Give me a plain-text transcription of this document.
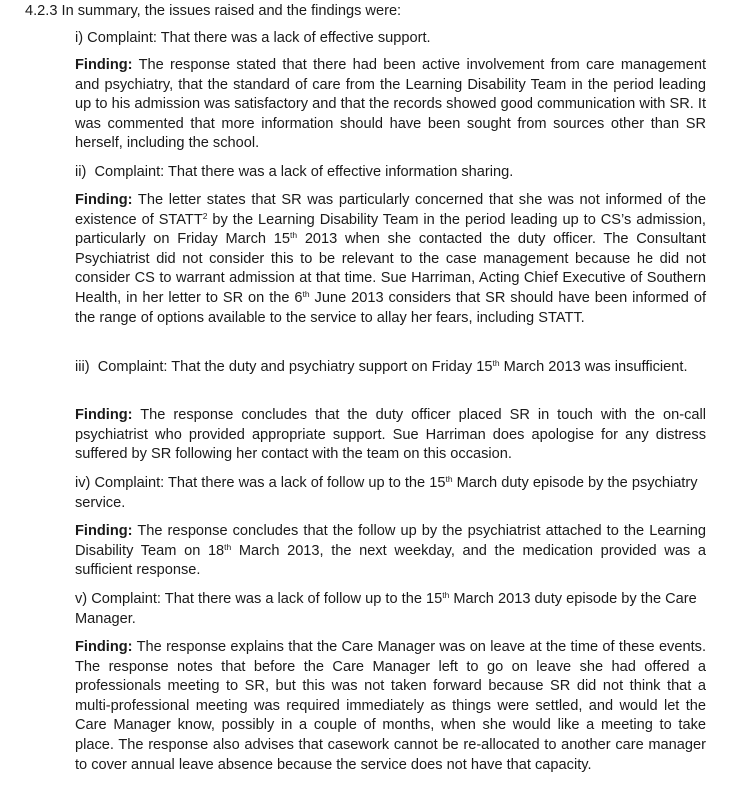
4.2.3 In summary, the issues raised and the findings were:
i) Complaint: That there was a lack of effective support.
Finding: The response stated that there had been active involvement from care management and psychiatry, that the standard of care from the Learning Disability Team in the period leading up to his admission was satisfactory and that the records showed good communication with SR. It was commented that more information should have been sought from sources other than SR herself, including the school.
ii) Complaint: That there was a lack of effective information sharing.
Finding: The letter states that SR was particularly concerned that she was not informed of the existence of STATT$^2$ by the Learning Disability Team in the period leading up to CS’s admission, particularly on Friday March 15th 2013 when she contacted the duty officer. The Consultant Psychiatrist did not consider this to be relevant to the case management because he did not consider CS to warrant admission at that time. Sue Harriman, Acting Chief Executive of Southern Health, in her letter to SR on the 6th June 2013 considers that SR should have been informed of the range of options available to the service to allay her fears, including STATT.
iii) Complaint: That the duty and psychiatry support on Friday 15th March 2013 was insufficient.
Finding: The response concludes that the duty officer placed SR in touch with the on-call psychiatrist who provided appropriate support. Sue Harriman does apologise for any distress suffered by SR following her contact with the team on this occasion.
iv) Complaint: That there was a lack of follow up to the 15th March duty episode by the psychiatry service.
Finding: The response concludes that the follow up by the psychiatrist attached to the Learning Disability Team on 18th March 2013, the next weekday, and the medication provided was a sufficient response.
v) Complaint: That there was a lack of follow up to the 15th March 2013 duty episode by the Care Manager.
Finding: The response explains that the Care Manager was on leave at the time of these events. The response notes that before the Care Manager left to go on leave she had offered a professionals meeting to SR, but this was not taken forward because SR did not think that a multi-professional meeting was required immediately as things were settled, and would let the Care Manager know, possibly in a couple of months, when she would like a meeting to take place. The response also advises that casework cannot be re-allocated to another care manager to cover annual leave absence because the service does not have that capacity.
